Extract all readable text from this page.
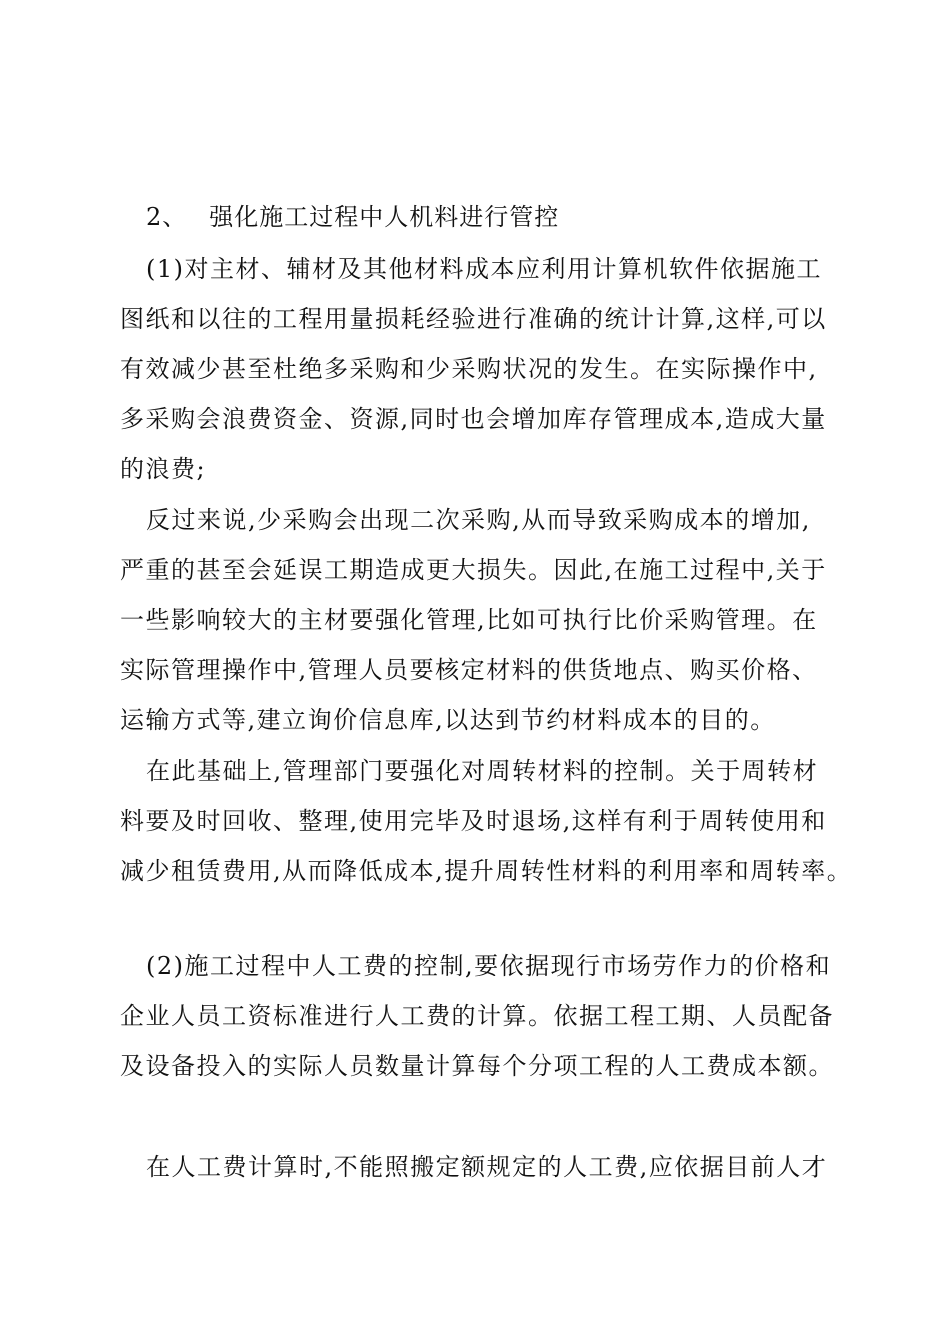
2、 强化施工过程中人机料进行管控
(1)对主材、辅材及其他材料成本应利用计算机软件依据施工
图纸和以往的工程用量损耗经验进行准确的统计计算,这样,可以
有效减少甚至杜绝多采购和少采购状况的发生。在实际操作中,
多采购会浪费资金、资源,同时也会增加库存管理成本,造成大量
的浪费;
反过来说,少采购会出现二次采购,从而导致采购成本的增加,
严重的甚至会延误工期造成更大损失。因此,在施工过程中,关于
一些影响较大的主材要强化管理,比如可执行比价采购管理。在
实际管理操作中,管理人员要核定材料的供货地点、购买价格、
运输方式等,建立询价信息库,以达到节约材料成本的目的。
在此基础上,管理部门要强化对周转材料的控制。关于周转材
料要及时回收、整理,使用完毕及时退场,这样有利于周转使用和
减少租赁费用,从而降低成本,提升周转性材料的利用率和周转率。
(2)施工过程中人工费的控制,要依据现行市场劳作力的价格和
企业人员工资标准进行人工费的计算。依据工程工期、人员配备
及设备投入的实际人员数量计算每个分项工程的人工费成本额。
在人工费计算时,不能照搬定额规定的人工费,应依据目前人才
